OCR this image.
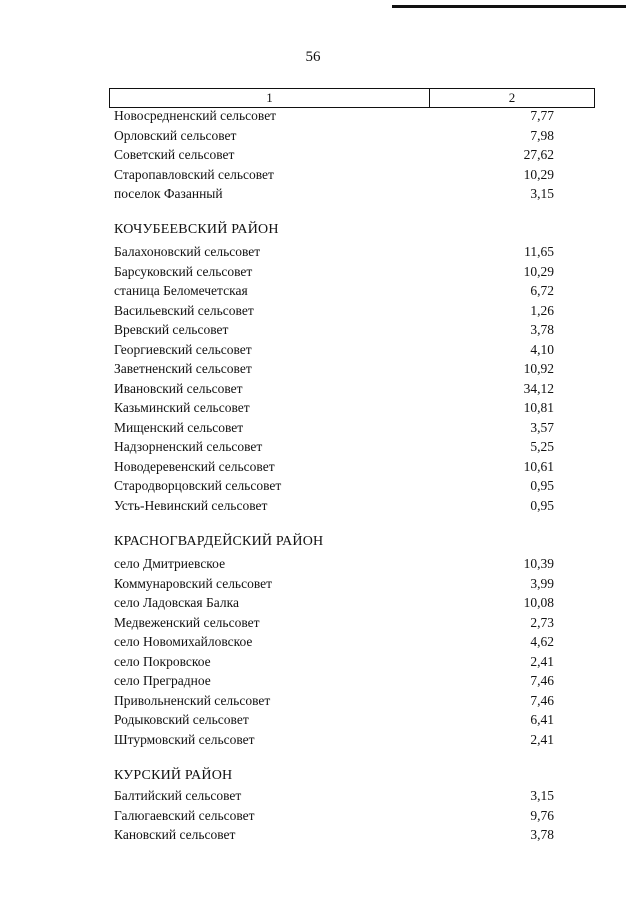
56
1	2
Новосредненский сельсовет	7,77
Орловский сельсовет	7,98
Советский сельсовет	27,62
Старопавловский сельсовет	10,29
поселок Фазанный	3,15
КОЧУБЕЕВСКИЙ РАЙОН
Балахоновский сельсовет	11,65
Барсуковский сельсовет	10,29
станица Беломечетская	6,72
Васильевский сельсовет	1,26
Вревский сельсовет	3,78
Георгиевский сельсовет	4,10
Заветненский сельсовет	10,92
Ивановский сельсовет	34,12
Казьминский сельсовет	10,81
Мищенский сельсовет	3,57
Надзорненский сельсовет	5,25
Новодеревенский сельсовет	10,61
Стародворцовский сельсовет	0,95
Усть-Невинский сельсовет	0,95
КРАСНОГВАРДЕЙСКИЙ РАЙОН
село Дмитриевское	10,39
Коммунаровский сельсовет	3,99
село Ладовская Балка	10,08
Медвеженский сельсовет	2,73
село Новомихайловское	4,62
село Покровское	2,41
село Преградное	7,46
Привольненский сельсовет	7,46
Родыковский сельсовет	6,41
Штурмовский сельсовет	2,41
КУРСКИЙ РАЙОН
Балтийский сельсовет	3,15
Галюгаевский сельсовет	9,76
Кановский сельсовет	3,78
